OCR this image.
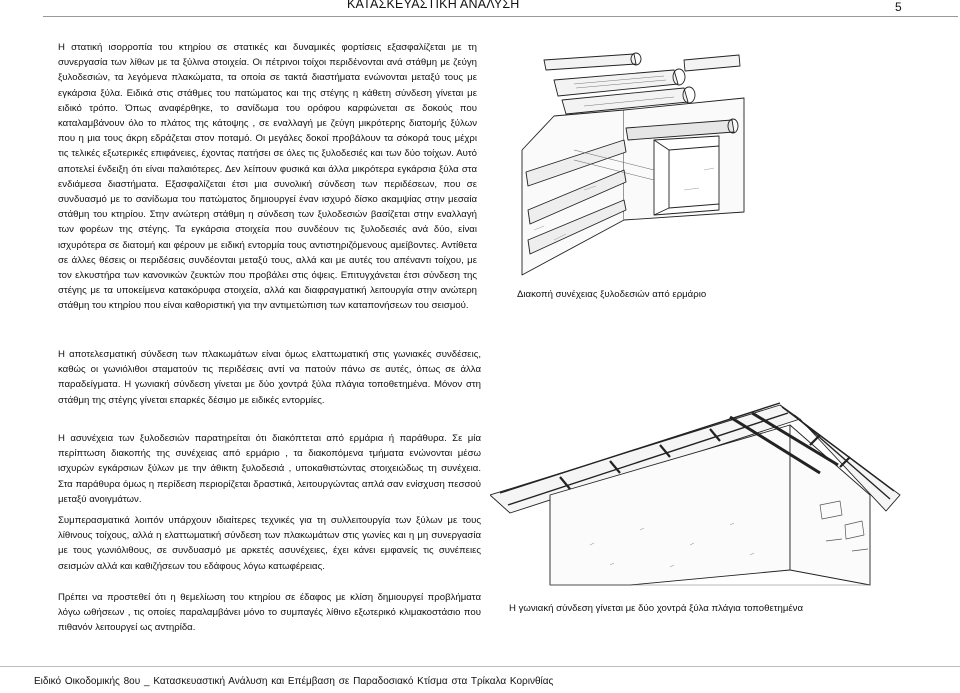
ΚΑΤΑΣΚΕΥΑΣΤΙΚΗ ΑΝΑΛΥΣΗ	5

Η στατική ισορροπία του κτηρίου σε στατικές και δυναμικές φορτίσεις εξασφαλίζεται με τη συνεργασία των λίθων με τα ξύλινα στοιχεία. Οι πέτρινοι τοίχοι περιδένονται ανά στάθμη με ζεύγη ξυλοδεσιών, τα λεγόμενα πλακώματα, τα οποία σε τακτά διαστήματα ενώνονται μεταξύ τους με εγκάρσια ξύλα. Ειδικά στις στάθμες του πατώματος και της στέγης η κάθετη σύνδεση γίνεται με ειδικό τρόπο. Όπως αναφέρθηκε, το σανίδωμα του ορόφου καρφώνεται σε δοκούς που καταλαμβάνουν όλο το πλάτος της κάτοψης , σε εναλλαγή με ζεύγη μικρότερης διατομής ξύλων που η μια τους άκρη εδράζεται στον ποταμό. Οι μεγάλες δοκοί προβάλουν τα σόκορά τους μέχρι τις τελικές εξωτερικές επιφάνειες, έχοντας πατήσει σε όλες τις ξυλοδεσιές και των δύο τοίχων. Αυτό αποτελεί ένδειξη ότι είναι παλαιότερες. Δεν λείπουν φυσικά και άλλα μικρότερα εγκάρσια ξύλα στα ενδιάμεσα διαστήματα. Εξασφαλίζεται έτσι μια συνολική σύνδεση των περιδέσεων, που σε συνδυασμό με το σανίδωμα του πατώματος δημιουργεί έναν ισχυρό δίσκο ακαμψίας στην μεσαία στάθμη του κτηρίου. Στην ανώτερη στάθμη η σύνδεση των ξυλοδεσιών βασίζεται στην εναλλαγή των φορέων της στέγης. Τα εγκάρσια στοιχεία που συνδέουν τις ξυλοδεσιές ανά δύο, είναι ισχυρότερα σε διατομή και φέρουν με ειδική εντορμία τους αντιστηριζόμενους αμείβοντες. Αντίθετα σε άλλες θέσεις οι περιδέσεις συνδέονται μεταξύ τους, αλλά και με αυτές του απέναντι τοίχου, με τον ελκυστήρα των κανονικών ζευκτών που προβάλει στις όψεις. Επιτυγχάνεται έτσι σύνδεση της στέγης με τα υποκείμενα κατακόρυφα στοιχεία, αλλά και διαφραγματική λειτουργία στην ανώτερη στάθμη του κτηρίου που είναι καθοριστική για την αντιμετώπιση των καταπονήσεων του σεισμού.

Η αποτελεσματική σύνδεση των πλακωμάτων είναι όμως ελαττωματική στις γωνιακές συνδέσεις, καθώς οι γωνιόλιθοι σταματούν τις περιδέσεις αντί να πατούν πάνω σε αυτές, όπως σε άλλα παραδείγματα. Η γωνιακή σύνδεση γίνεται με δύο χοντρά ξύλα πλάγια τοποθετημένα. Μόνον στη στάθμη της στέγης γίνεται επαρκές δέσιμο με ειδικές εντορμίες.

Η ασυνέχεια των ξυλοδεσιών παρατηρείται ότι διακόπτεται από ερμάρια ή παράθυρα. Σε μία περίπτωση διακοπής της συνέχειας από ερμάριο , τα διακοπόμενα τμήματα ενώνονται μέσω ισχυρών εγκάρσιων ξύλων με την άθικτη ξυλοδεσιά , υποκαθιστώντας στοιχειώδως τη συνέχεια. Στα παράθυρα όμως η περίδεση περιορίζεται δραστικά, λειτουργώντας απλά σαν ενίσχυση πεσσού μεταξύ ανοιγμάτων.

Συμπερασματικά λοιπόν υπάρχουν ιδιαίτερες τεχνικές για τη συλλειτουργία των ξύλων με τους λίθινους τοίχους, αλλά η ελαττωματική σύνδεση των πλακωμάτων στις γωνίες και η μη συνεργασία με τους γωνιόλιθους, σε συνδυασμό με αρκετές ασυνέχειες, έχει κάνει εμφανείς τις συνέπειες σεισμών αλλά και καθιζήσεων του εδάφους λόγω κατωφέρειας.

Πρέπει να προστεθεί ότι η θεμελίωση του κτηρίου σε έδαφος με κλίση δημιουργεί προβλήματα λόγω ωθήσεων , τις οποίες παραλαμβάνει μόνο το συμπαγές λίθινο εξωτερικό κλιμακοστάσιο που πιθανόν λειτουργεί ως αντηρίδα.

Διακοπή συνέχειας ξυλοδεσιών από ερμάριο
Η γωνιακή σύνδεση γίνεται με δύο χοντρά ξύλα πλάγια τοποθετημένα
Ειδικό Οικοδομικής 8ου _ Κατασκευαστική Ανάλυση και Επέμβαση σε Παραδοσιακό Κτίσμα στα Τρίκαλα Κορινθίας
